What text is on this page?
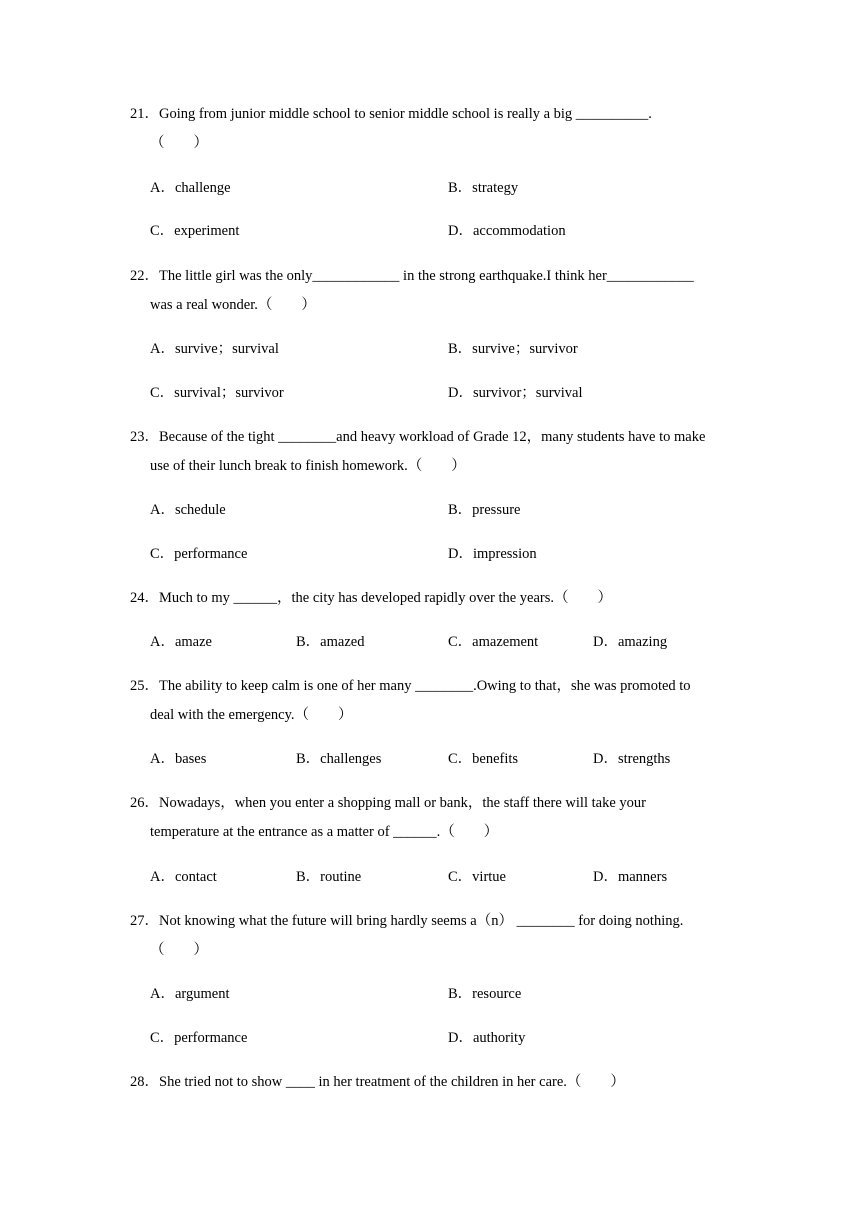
21．Going from junior middle school to senior middle school is really a big __________.
（　　）
A．challenge	B．strategy
C．experiment	D．accommodation
22．The little girl was the only____________ in the strong earthquake.I think her____________
was a real wonder.（　　）
A．survive；survival	B．survive；survivor
C．survival；survivor	D．survivor；survival
23．Because of the tight ________and heavy workload of Grade 12，many students have to make
use of their lunch break to finish homework.（　　）
A．schedule	B．pressure
C．performance	D．impression
24．Much to my ______，the city has developed rapidly over the years.（　　）
A．amaze	B．amazed	C．amazement	D．amazing
25．The ability to keep calm is one of her many ________.Owing to that，she was promoted to
deal with the emergency.（　　）
A．bases	B．challenges	C．benefits	D．strengths
26．Nowadays，when you enter a shopping mall or bank，the staff there will take your
temperature at the entrance as a matter of ______.（　　）
A．contact	B．routine	C．virtue	D．manners
27．Not knowing what the future will bring hardly seems a（n） ________ for doing nothing.
（　　）
A．argument	B．resource
C．performance	D．authority
28．She tried not to show ____ in her treatment of the children in her care.（　　）
